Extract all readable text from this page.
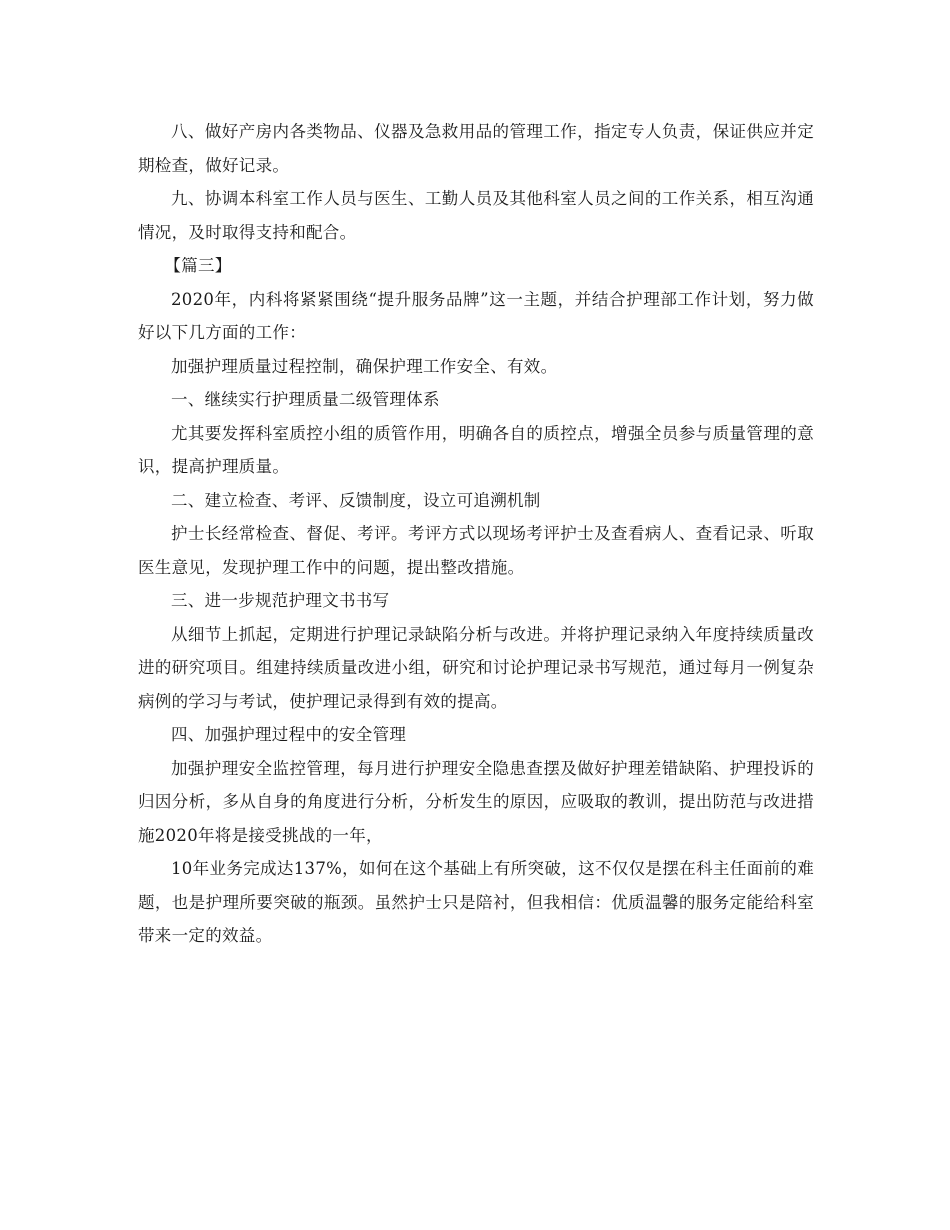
八、做好产房内各类物品、仪器及急救用品的管理工作，指定专人负责，保证供应并定期检查，做好记录。

九、协调本科室工作人员与医生、工勤人员及其他科室人员之间的工作关系，相互沟通情况，及时取得支持和配合。

【篇三】

2020年，内科将紧紧围绕“提升服务品牌”这一主题，并结合护理部工作计划，努力做好以下几方面的工作：

加强护理质量过程控制，确保护理工作安全、有效。

一、继续实行护理质量二级管理体系

尤其要发挥科室质控小组的质管作用，明确各自的质控点，增强全员参与质量管理的意识，提高护理质量。

二、建立检查、考评、反馈制度，设立可追溯机制

护士长经常检查、督促、考评。考评方式以现场考评护士及查看病人、查看记录、听取医生意见，发现护理工作中的问题，提出整改措施。

三、进一步规范护理文书书写

从细节上抓起，定期进行护理记录缺陷分析与改进。并将护理记录纳入年度持续质量改进的研究项目。组建持续质量改进小组，研究和讨论护理记录书写规范，通过每月一例复杂病例的学习与考试，使护理记录得到有效的提高。

四、加强护理过程中的安全管理

加强护理安全监控管理，每月进行护理安全隐患查摆及做好护理差错缺陷、护理投诉的归因分析，多从自身的角度进行分析，分析发生的原因，应吸取的教训，提出防范与改进措施2020年将是接受挑战的一年，

10年业务完成达137%，如何在这个基础上有所突破，这不仅仅是摆在科主任面前的难题，也是护理所要突破的瓶颈。虽然护士只是陪衬，但我相信：优质温馨的服务定能给科室带来一定的效益。
